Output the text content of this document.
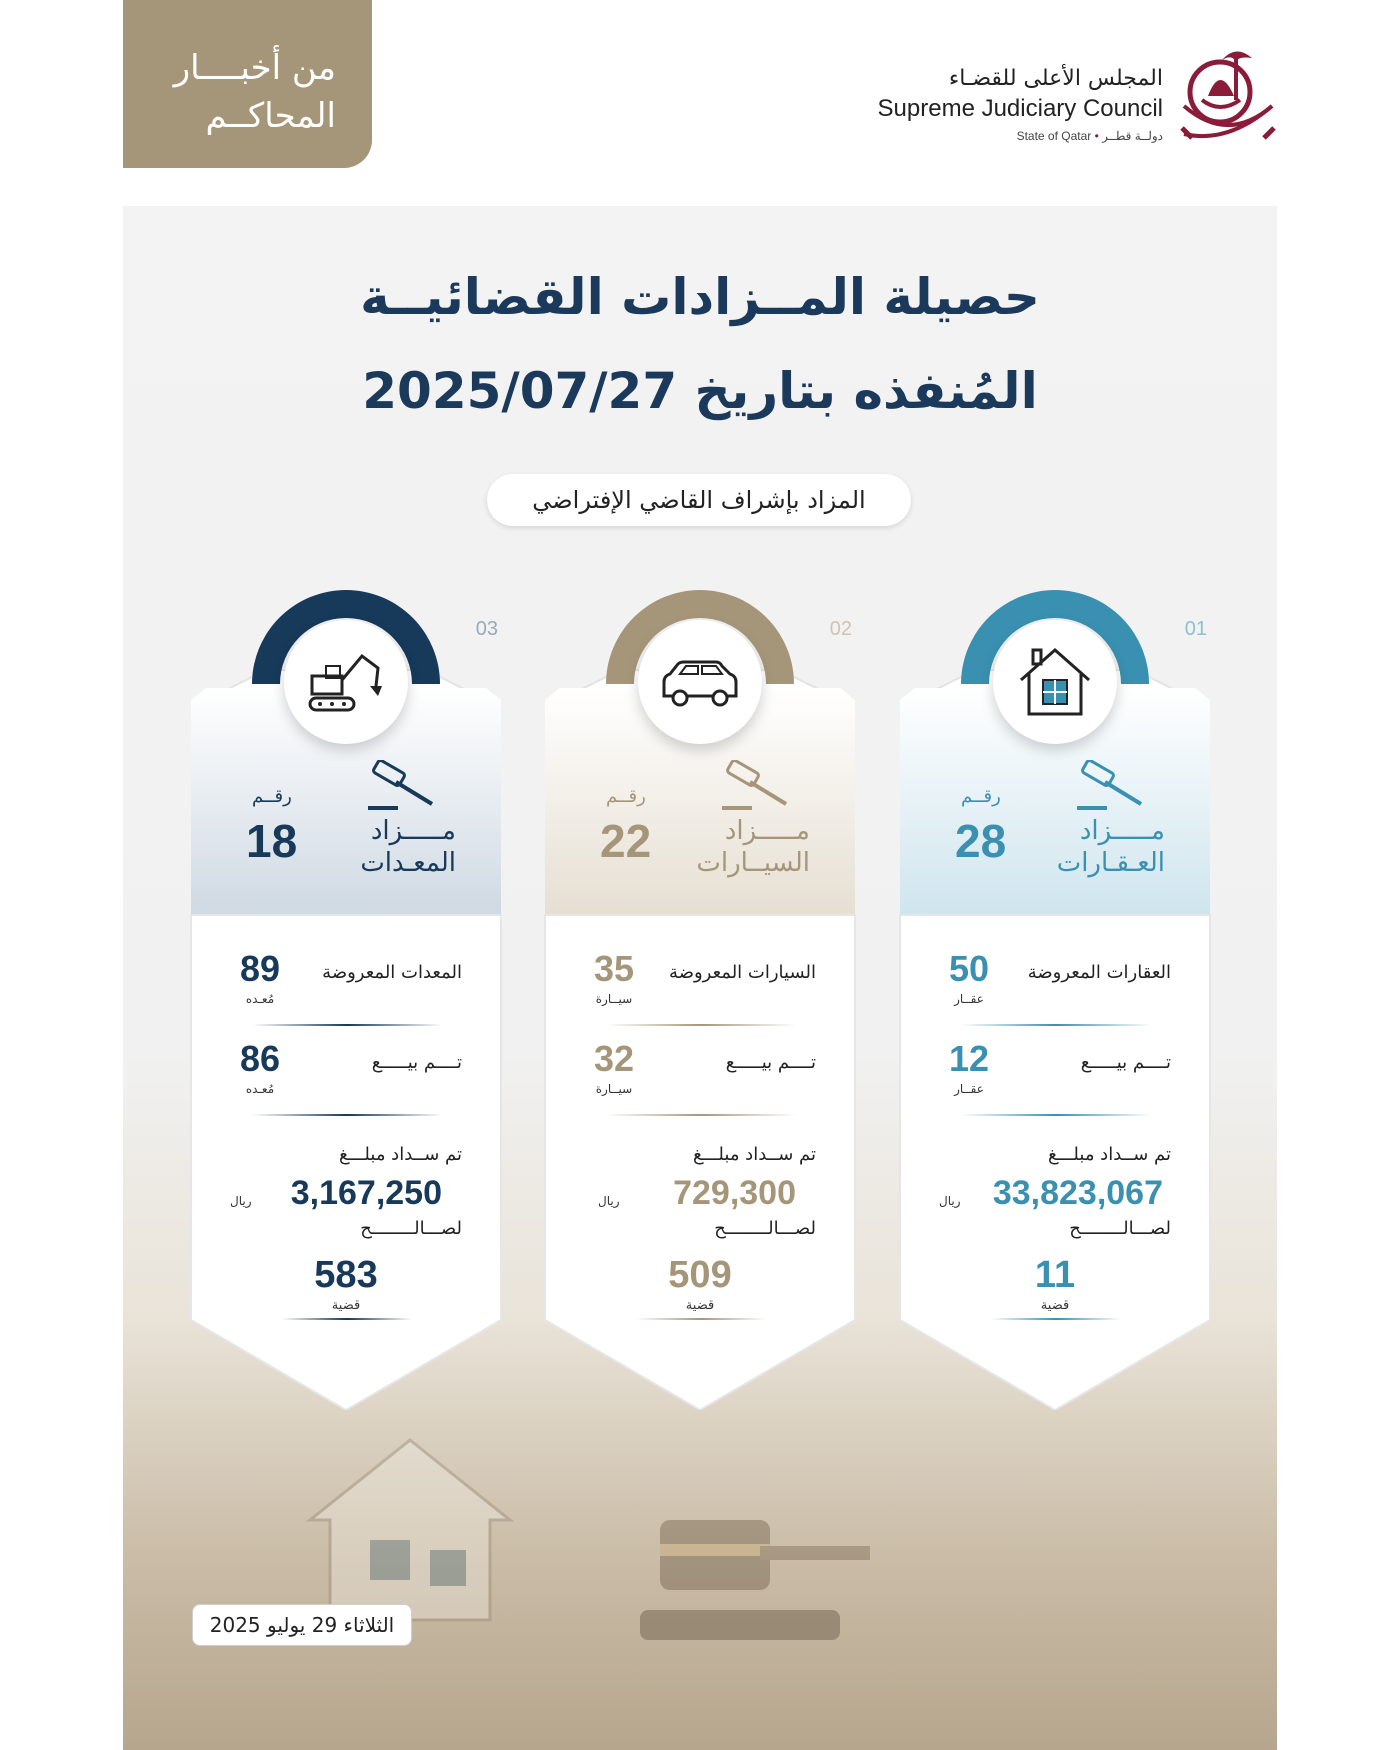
من أخبــــار
المحاكــم
المجلس الأعلى للقضـاء
Supreme Judiciary Council
State of Qatar • دولــة قطــر
حصيلة المــزادات القضائيــة
المُنفذه بتاريخ 2025/07/27
المزاد بإشراف القاضي الإفتراضي
01
رقــم
28	مـــــزاد
العـقـارات
العقارات المعروضة
50
عقــار
تــــم بيـــــع
12
عقــار
تم ســداد مبلـــغ
33,823,067
ريال
لصـــالــــــــح
11
قضية
02
رقــم
22	مـــــزاد
السيــارات
السيارات المعروضة
35
سيــارة
تــــم بيـــــع
32
سيــارة
تم ســداد مبلـــغ
729,300
ريال
لصـــالــــــــح
509
قضية
03
رقــم
18	مـــــزاد
المعـدات
المعدات المعروضة
89
مُعـده
تــــم بيـــــع
86
مُعـده
تم ســداد مبلـــغ
3,167,250
ريال
لصـــالــــــــح
583
قضية
الثلاثاء 29 يوليو 2025
